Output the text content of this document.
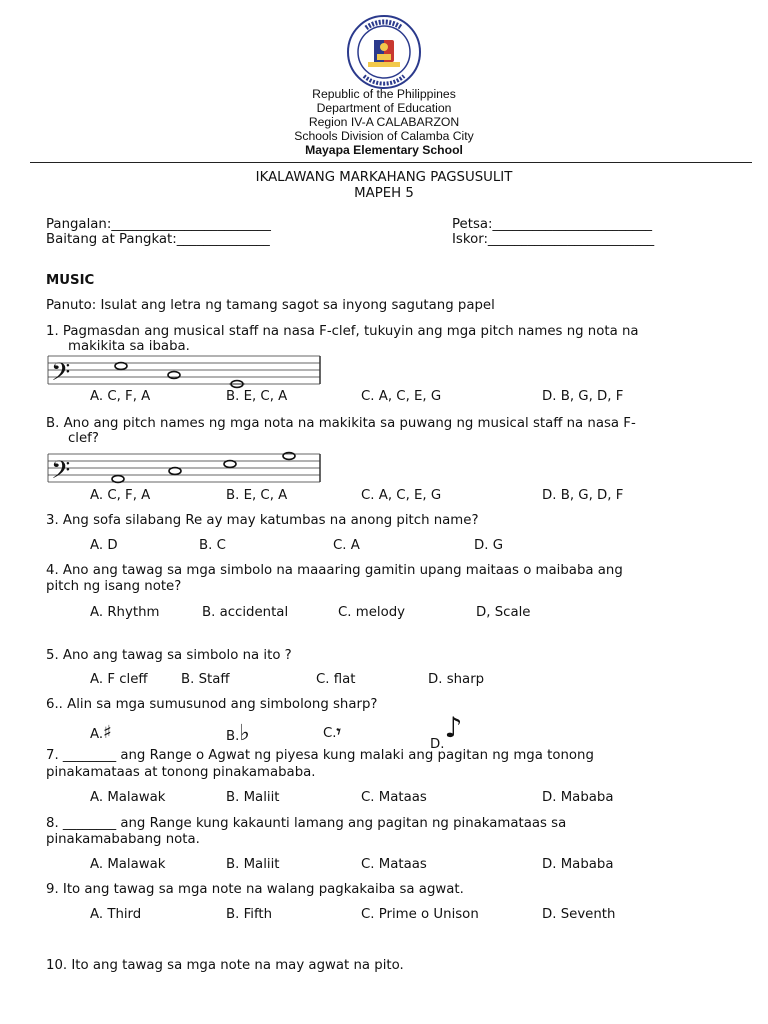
Republic of the Philippines
Department of Education
Region IV-A CALABARZON
Schools Division of Calamba City
Mayapa Elementary School
IKALAWANG MARKAHANG PAGSUSULIT
MAPEH 5
Pangalan:________________________	Petsa:________________________
Baitang at Pangkat:______________	Iskor:_________________________
MUSIC
Panuto: Isulat ang letra ng tamang sagot sa inyong sagutang papel
1. Pagmasdan ang musical staff na nasa F-clef, tukuyin ang mga pitch names ng nota na
makikita sa ibaba.
𝄢
A. C, F, A	B. E, C, A	C. A, C, E, G	D. B, G, D, F
B. Ano ang pitch names ng mga nota na makikita sa puwang ng musical staff na nasa F-
clef?
𝄢
A. C, F, A	B. E, C, A	C. A, C, E, G	D. B, G, D, F
3. Ang sofa silabang Re ay may katumbas na anong pitch name?
A. D	B. C	C. A	D. G
4. Ano ang tawag sa mga simbolo na maaaring gamitin upang maitaas o maibaba ang
pitch ng isang note?
A. Rhythm	B. accidental	C. melody	D, Scale
5. Ano ang tawag sa simbolo na ito ?
A. F cleff	B. Staff	C. flat	D. sharp
6.. Alin sa mga sumusunod ang simbolong sharp?
A.♯	B.♭	C.𝄾
D.♪
7. ________ ang Range o Agwat ng piyesa kung malaki ang pagitan ng mga tonong
pinakamataas at tonong pinakamababa.
A. Malawak	B. Maliit	C. Mataas	D. Mababa
8. ________ ang Range kung kakaunti lamang ang pagitan ng pinakamataas sa
pinakamababang nota.
A. Malawak	B. Maliit	C. Mataas	D. Mababa
9. Ito ang tawag sa mga note na walang pagkakaiba sa agwat.
A. Third	B. Fifth	C. Prime o Unison	D. Seventh
10. Ito ang tawag sa mga note na may agwat na pito.
